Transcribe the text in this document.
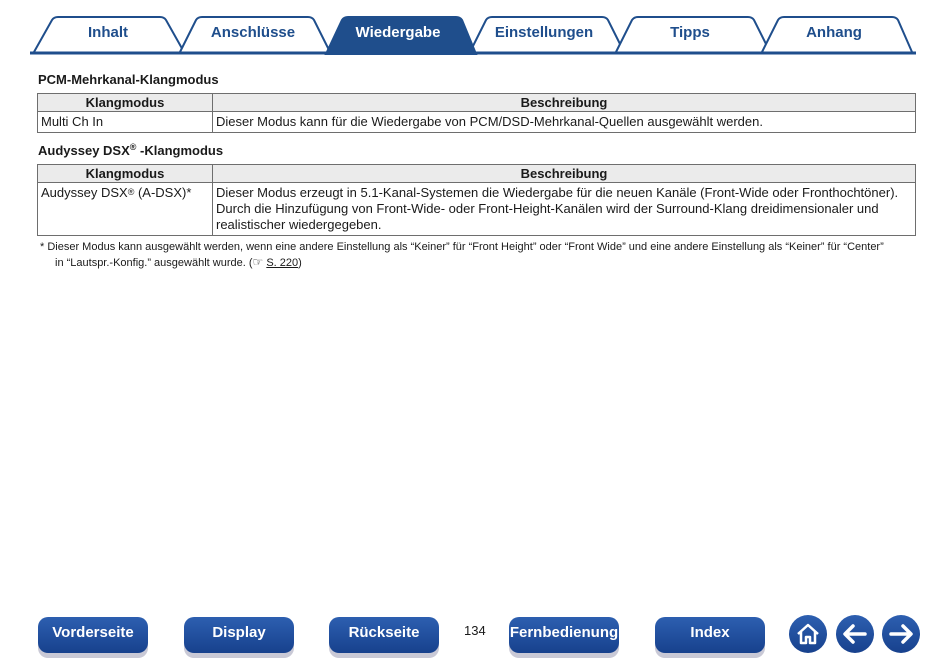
Inhalt	Anschlüsse	Wiedergabe	Einstellungen	Tipps	Anhang
PCM-Mehrkanal-Klangmodus
Klangmodus	Beschreibung
Multi Ch In	Dieser Modus kann für die Wiedergabe von PCM/DSD-Mehrkanal-Quellen ausgewählt werden.
Audyssey DSX® -Klangmodus
Klangmodus	Beschreibung
Audyssey DSX® (A-DSX)*	Dieser Modus erzeugt in 5.1-Kanal-Systemen die Wiedergabe für die neuen Kanäle (Front-Wide oder Fronthochtöner).
Durch die Hinzufügung von Front-Wide- oder Front-Height-Kanälen wird der Surround-Klang dreidimensionaler und
realistischer wiedergegeben.
* Dieser Modus kann ausgewählt werden, wenn eine andere Einstellung als “Keiner” für “Front Height” oder “Front Wide” und eine andere Einstellung als “Keiner” für “Center”
in “Lautspr.-Konfig.” ausgewählt wurde. (☞ S. 220)
Vorderseite	Display	Rückseite	134 Fernbedienung	Index
